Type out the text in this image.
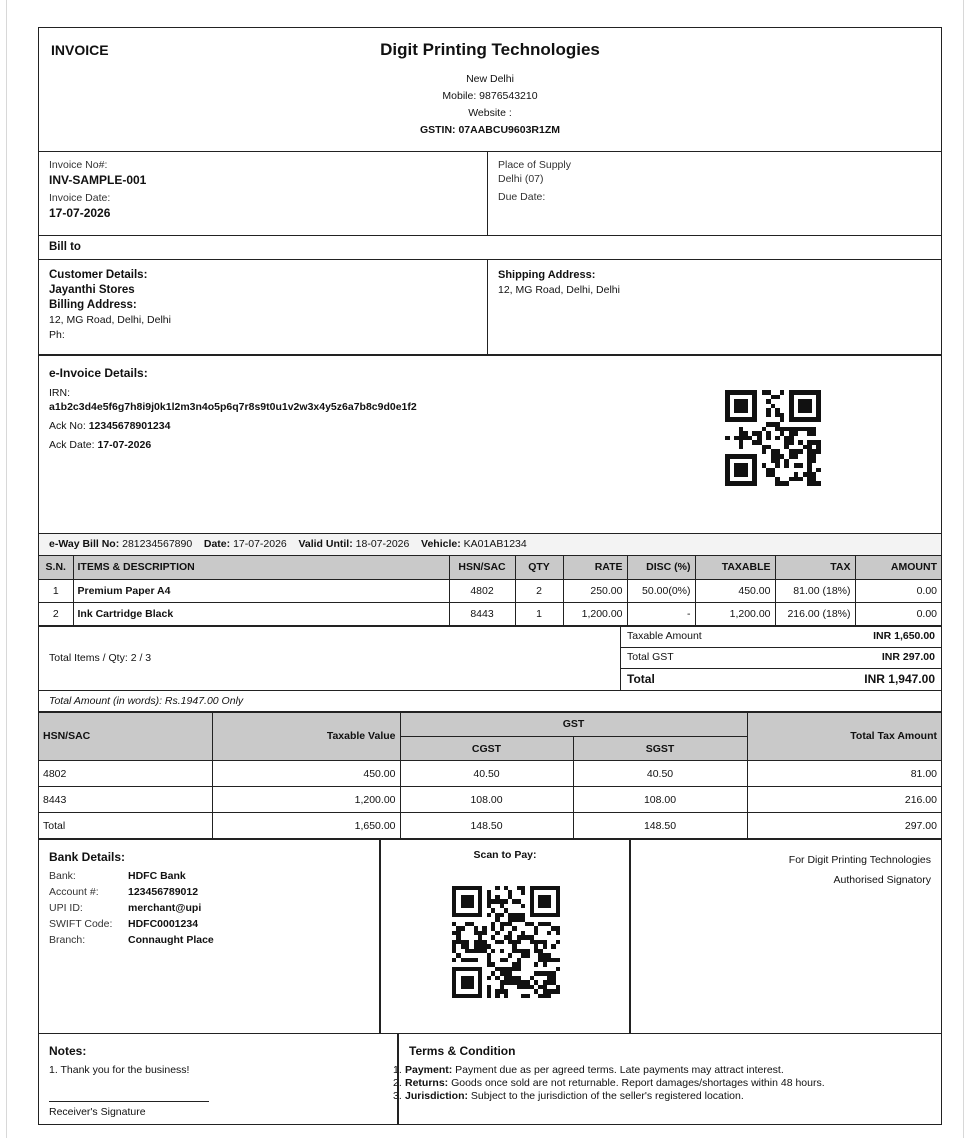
INVOICE	Digit Printing Technologies
New Delhi
Mobile: 9876543210
Website :
GSTIN: 07AABCU9603R1ZM
Invoice No#:
INV-SAMPLE-001
Invoice Date:
17-07-2026
Place of Supply
Delhi (07)
Due Date:
Bill to
Customer Details:
Jayanthi Stores
Billing Address:
12, MG Road, Delhi, Delhi
Ph:
Shipping Address:
12, MG Road, Delhi, Delhi
e-Invoice Details:
IRN:
a1b2c3d4e5f6g7h8i9j0k1l2m3n4o5p6q7r8s9t0u1v2w3x4y5z6a7b8c9d0e1f2
Ack No: 12345678901234
Ack Date: 17-07-2026
e-Way Bill No: 281234567890 Date: 17-07-2026 Valid Until: 18-07-2026 Vehicle: KA01AB1234
S.N.	ITEMS & DESCRIPTION	HSN/SAC	QTY	RATE	DISC (%)	TAXABLE	TAX	AMOUNT
1	Premium Paper A4	4802	2	250.00	50.00(0%)	450.00	81.00 (18%)	0.00
2	Ink Cartridge Black	8443	1	1,200.00	-	1,200.00	216.00 (18%)	0.00
Total Items / Qty: 2 / 3
Taxable Amount	INR 1,650.00
Total GST	INR 297.00
Total	INR 1,947.00
Total Amount (in words): Rs.1947.00 Only
HSN/SAC	Taxable Value	GST		Total Tax Amount
		CGST	SGST	
4802	450.00	40.50	40.50	81.00
8443	1,200.00	108.00	108.00	216.00
Total	1,650.00	148.50	148.50	297.00
Bank Details:
Bank:	HDFC Bank
Account #:	123456789012
UPI ID:	merchant@upi
SWIFT Code:	HDFC0001234
Branch:	Connaught Place
Scan to Pay:	For Digit Printing Technologies
Authorised Signatory
Notes:
1. Thank you for the business!
Receiver's Signature
Terms & Condition
1. Payment: Payment due as per agreed terms. Late payments may attract interest.
2. Returns: Goods once sold are not returnable. Report damages/shortages within 48 hours.
3. Jurisdiction: Subject to the jurisdiction of the seller's registered location.
